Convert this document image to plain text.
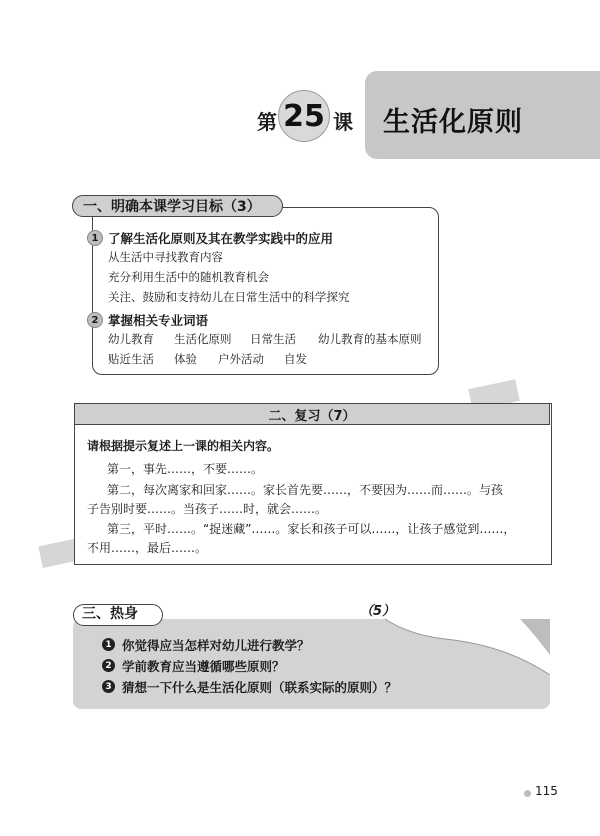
第 25 课 生活化原则
一、明确本课学习目标（3）
1 了解生活化原则及其在教学实践中的应用
从生活中寻找教育内容
充分利用生活中的随机教育机会
关注、鼓励和支持幼儿在日常生活中的科学探究
2 掌握相关专业词语
幼儿教育 生活化原则 日常生活 幼儿教育的基本原则
贴近生活 体验 户外活动 自发
二、复习（7）
请根据提示复述上一课的相关内容。
第一，事先……，不要……。
第二，每次离家和回家……。家长首先要……，不要因为……而……。与孩
子告别时要……。当孩子……时，就会……。
第三，平时……。“捉迷藏”……。家长和孩子可以……，让孩子感觉到……，
不用……，最后……。
三、热身	（5）
1 你觉得应当怎样对幼儿进行教学？
2 学前教育应当遵循哪些原则？
3 猜想一下什么是生活化原则（联系实际的原则）？
115
